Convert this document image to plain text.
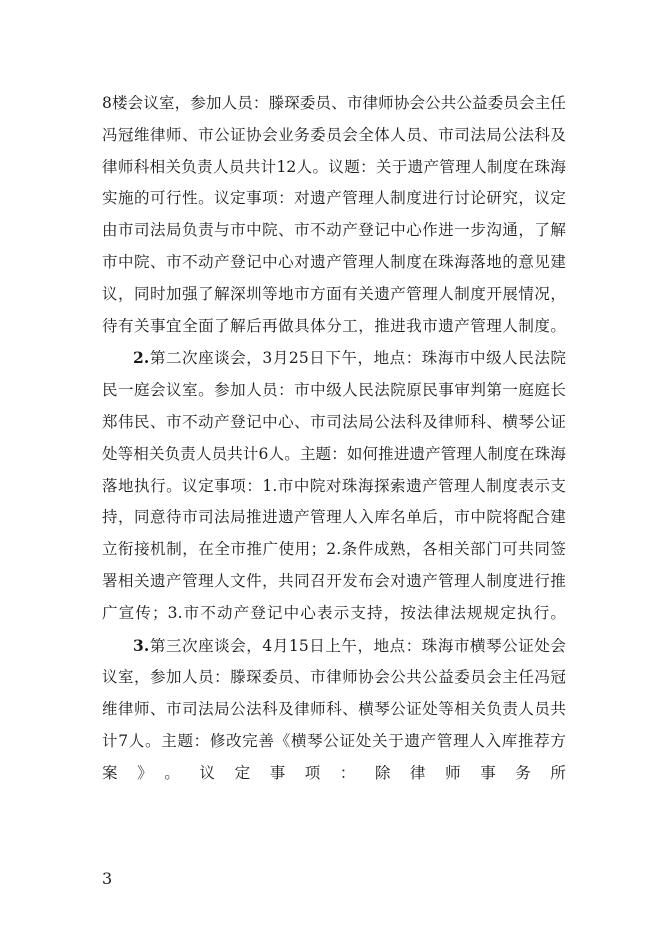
8楼会议室，参加人员：滕琛委员、市律师协会公共公益委员会主任冯冠维律师、市公证协会业务委员会全体人员、市司法局公法科及律师科相关负责人员共计12人。议题：关于遗产管理人制度在珠海实施的可行性。议定事项：对遗产管理人制度进行讨论研究，议定由市司法局负责与市中院、市不动产登记中心作进一步沟通，了解市中院、市不动产登记中心对遗产管理人制度在珠海落地的意见建议，同时加强了解深圳等地市方面有关遗产管理人制度开展情况，待有关事宜全面了解后再做具体分工，推进我市遗产管理人制度。

2.第二次座谈会，3月25日下午，地点：珠海市中级人民法院民一庭会议室。参加人员：市中级人民法院原民事审判第一庭庭长郑伟民、市不动产登记中心、市司法局公法科及律师科、横琴公证处等相关负责人员共计6人。主题：如何推进遗产管理人制度在珠海落地执行。议定事项：1.市中院对珠海探索遗产管理人制度表示支持，同意待市司法局推进遗产管理人入库名单后，市中院将配合建立衔接机制，在全市推广使用；2.条件成熟，各相关部门可共同签署相关遗产管理人文件，共同召开发布会对遗产管理人制度进行推广宣传；3.市不动产登记中心表示支持，按法律法规规定执行。

3.第三次座谈会，4月15日上午，地点：珠海市横琴公证处会议室，参加人员：滕琛委员、市律师协会公共公益委员会主任冯冠维律师、市司法局公法科及律师科、横琴公证处等相关负责人员共计7人。主题：修改完善《横琴公证处关于遗产管理人入库推荐方案》。议定事项：除律师事务所

3
